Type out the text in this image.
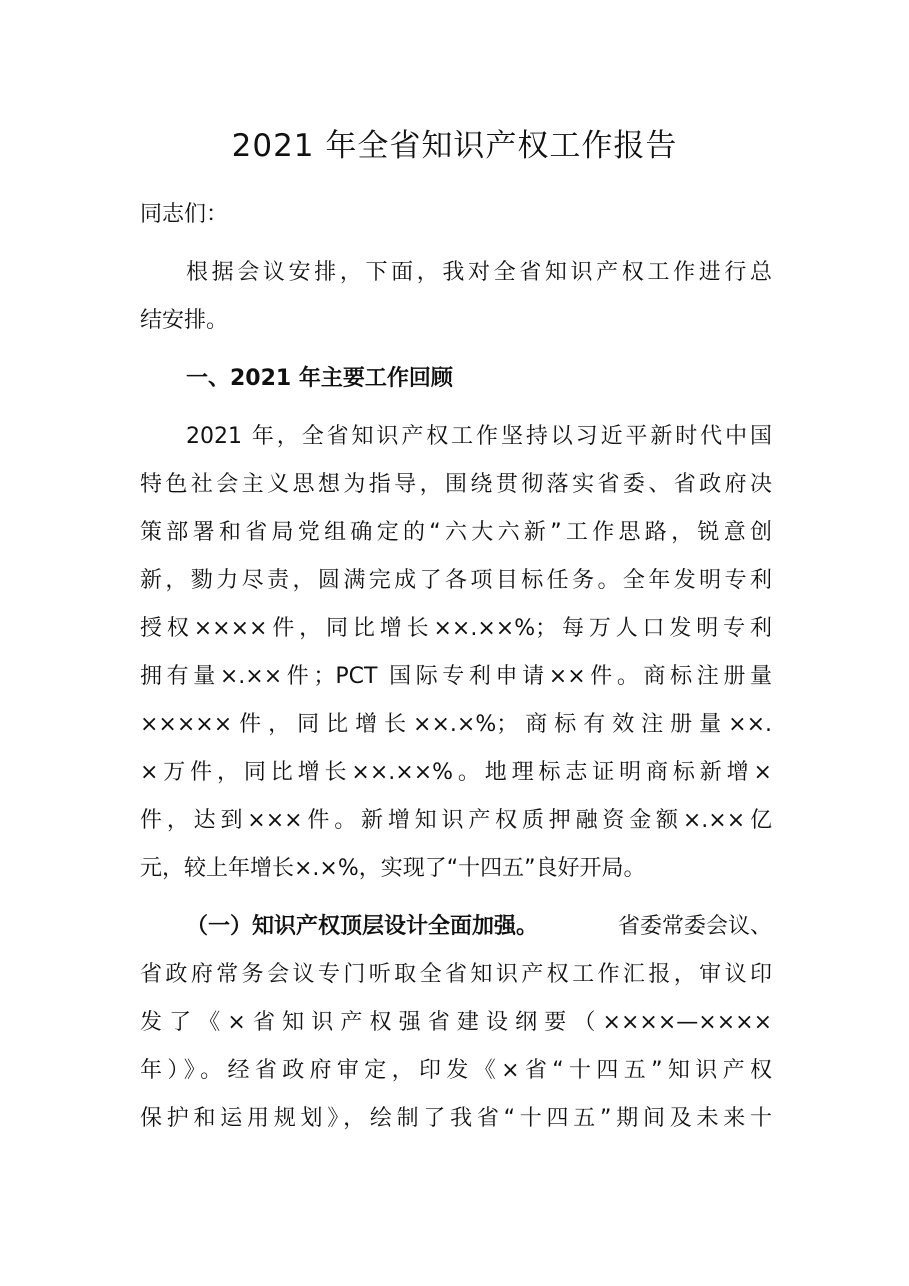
2021 年全省知识产权工作报告
同志们：
根据会议安排，下面，我对全省知识产权工作进行总
结安排。
一、2021 年主要工作回顾
2021 年，全省知识产权工作坚持以习近平新时代中国
特色社会主义思想为指导，围绕贯彻落实省委、省政府决
策部署和省局党组确定的“六大六新”工作思路，锐意创
新，勠力尽责，圆满完成了各项目标任务。全年发明专利
授权××××件，同比增长××.××%；每万人口发明专利
拥有量×.××件；PCT 国际专利申请××件。商标注册量
×××××件，同比增长××.×%；商标有效注册量××.
×万件，同比增长××.××%。地理标志证明商标新增×
件，达到×××件。新增知识产权质押融资金额×.××亿
元，较上年增长×.×%，实现了“十四五”良好开局。
（一）知识产权顶层设计全面加强。	省委常委会议、
省政府常务会议专门听取全省知识产权工作汇报，审议印
发了《×省知识产权强省建设纲要（××××—××××
年）》。经省政府审定，印发《×省“十四五”知识产权
保护和运用规划》，绘制了我省“十四五”期间及未来十
